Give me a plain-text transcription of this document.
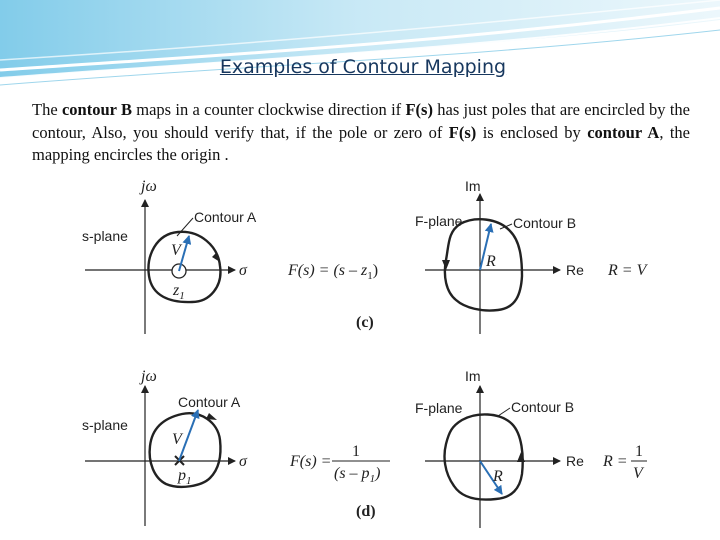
Examples of Contour Mapping
The contour B maps in a counter clockwise direction if F(s) has just poles that are encircled by the contour, Also, you should verify that, if the pole or zero of F(s) is enclosed by contour A, the mapping encircles the origin .
jω
s-plane
Contour A
V
$z_1$
σ	$F(s) = (s - z_1)$
Im
F-plane	Contour B
R	Re R = V
(c)
jω
s-plane
Contour A
V
$p_1$
σ	F(s) =
1
$(s - p_1)$
Im
F-plane	Contour B
R
Re R =
1
V
(d)
